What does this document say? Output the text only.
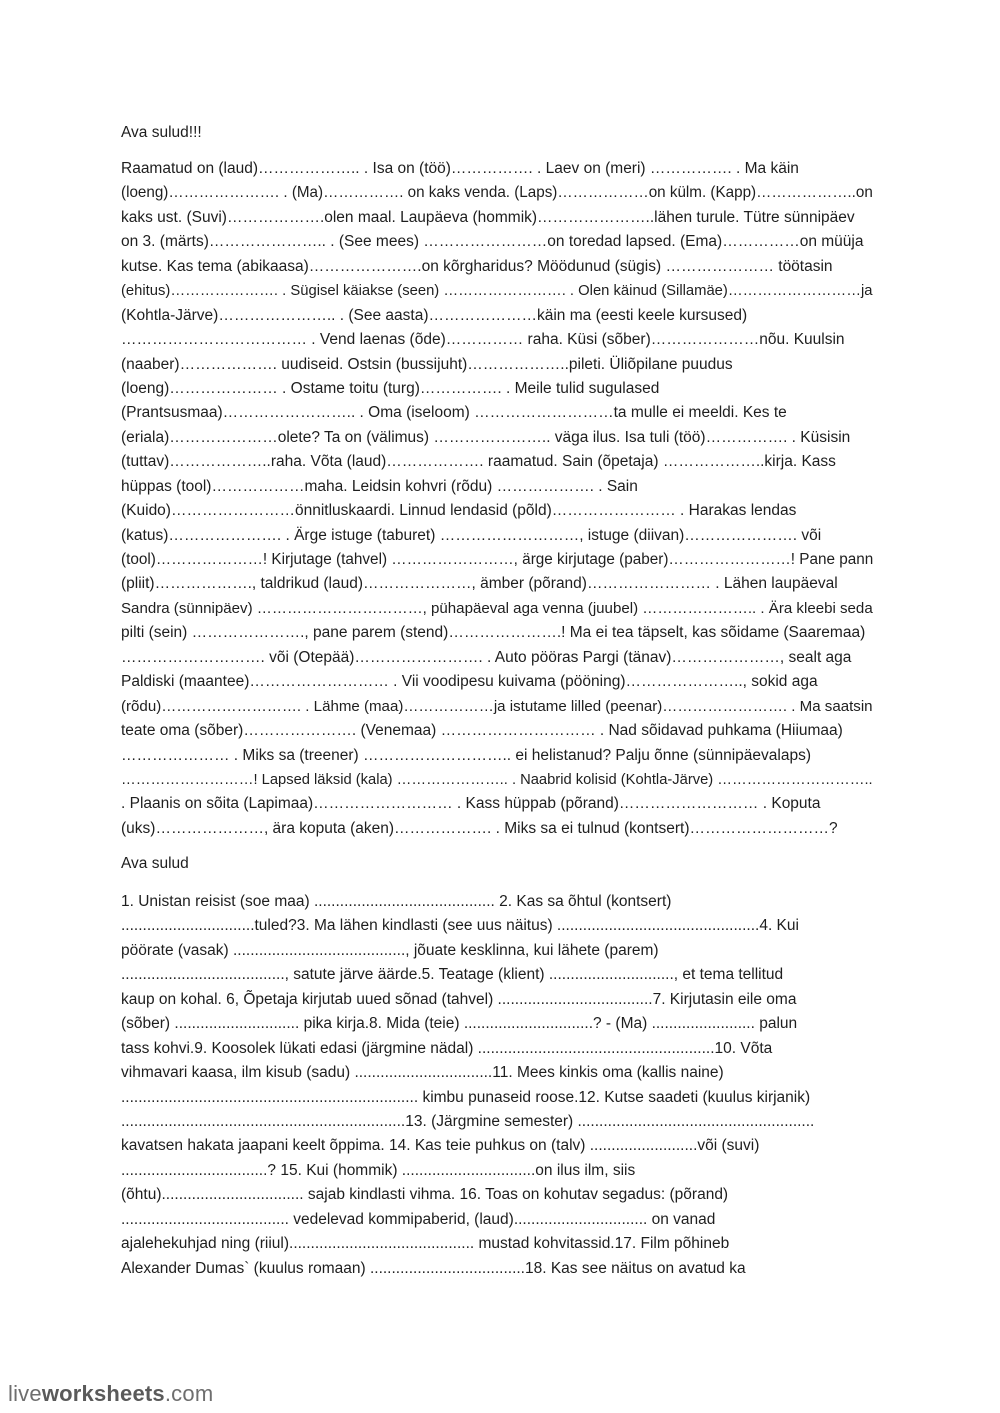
Ava sulud!!!
Raamatud on (laud)……………….. . Isa on (töö)……………. . Laev on (meri) ……………. . Ma käin
(loeng)…………………. . (Ma)……………. on kaks venda. (Laps)………………on külm. (Kapp)………………..on
kaks ust. (Suvi)……………….olen maal. Laupäeva (hommik)…………………..lähen turule. Tütre sünnipäev
on 3. (märts)………………….. . (See mees) ……………………on toredad lapsed. (Ema)……………on müüja
kutse. Kas tema (abikaasa)………………….on kõrgharidus? Möödunud (sügis) ………………… töötasin
(ehitus)…………………. . Sügisel käiakse (seen) ……………………. . Olen käinud (Sillamäe)………………………ja
(Kohtla-Järve)………………….. . (See aasta)…………………käin ma (eesti keele kursused)
……………………………… . Vend laenas (õde)…………… raha. Küsi (sõber)…………………nõu. Kuulsin
(naaber)………………. uudiseid. Ostsin (bussijuht)………………..pileti. Üliõpilane puudus
(loeng)………………… . Ostame toitu (turg)……………. . Meile tulid sugulased
(Prantsusmaa)…………………….. . Oma (iseloom) ………………………ta mulle ei meeldi. Kes te
(eriala)…………………olete? Ta on (välimus) ………………….. väga ilus. Isa tuli (töö)……………. . Küsisin
(tuttav)………………..raha. Võta (laud)………………. raamatud. Sain (õpetaja) ………………..kirja. Kass
hüppas (tool)………………maha. Leidsin kohvri (rõdu) ………………. . Sain
(Kuido)……………………önnitluskaardi. Linnud lendasid (põld)…………………… . Harakas lendas
(katus)…………………. . Ärge istuge (taburet) ………………………, istuge (diivan)…………………. või
(tool)…………………! Kirjutage (tahvel) ……………………, ärge kirjutage (paber)……………………! Pane pann
(pliit)………………., taldrikud (laud)…………………, ämber (põrand)…………………… . Lähen laupäeval
Sandra (sünnipäev) ……………………………, pühapäeval aga venna (juubel) ………………….. . Ära kleebi seda
pilti (sein) …………………., pane parem (stend)………………….! Ma ei tea täpselt, kas sõidame (Saaremaa)
………………………. või (Otepää)……………………. . Auto pööras Pargi (tänav)…………………, sealt aga
Paldiski (maantee)……………………… . Vii voodipesu kuivama (pööning)………………….., sokid aga
(rõdu)………………………. . Lähme (maa)………………ja istutame lilled (peenar)……………………. . Ma saatsin
teate oma (sõber)…………………. (Venemaa) ………………………… . Nad sõidavad puhkama (Hiiumaa)
………………… . Miks sa (treener) ……………………….. ei helistanud? Palju õnne (sünnipäevalaps)
………………………! Lapsed läksid (kala) ………………….. . Naabrid kolisid (Kohtla-Järve) …………………………..
. Plaanis on sõita (Lapimaa)……………………… . Kass hüppab (põrand)……………………… . Koputa
(uks)…………………, ära koputa (aken)………………. . Miks sa ei tulnud (kontsert)………………………?
Ava sulud
1. Unistan reisist (soe maa) .......................................... 2. Kas sa õhtul (kontsert)
...............................tuled?3. Ma lähen kindlasti (see uus näitus) ...............................................4. Kui
pöörate (vasak) ........................................, jõuate kesklinna, kui lähete (parem)
......................................, satute järve äärde.5. Teatage (klient) ............................., et tema tellitud
kaup on kohal. 6, Õpetaja kirjutab uued sõnad (tahvel) ....................................7. Kirjutasin eile oma
(sõber) ............................. pika kirja.8. Mida (teie) ..............................? - (Ma) ........................ palun
tass kohvi.9. Koosolek lükati edasi (järgmine nädal) .......................................................10. Võta
vihmavari kaasa, ilm kisub (sadu) ................................11. Mees kinkis oma (kallis naine)
..................................................................... kimbu punaseid roose.12. Kutse saadeti (kuulus kirjanik)
..................................................................13. (Järgmine semester) .......................................................
kavatsen hakata jaapani keelt õppima. 14. Kas teie puhkus on (talv) .........................või (suvi)
..................................? 15. Kui (hommik) ...............................on ilus ilm, siis
(õhtu)................................. sajab kindlasti vihma. 16. Toas on kohutav segadus: (põrand)
....................................... vedelevad kommipaberid, (laud)............................... on vanad
ajalehekuhjad ning (riiul)........................................... mustad kohvitassid.17. Film põhineb
Alexander Dumas` (kuulus romaan) ....................................18. Kas see näitus on avatud ka
liveworksheets.com
